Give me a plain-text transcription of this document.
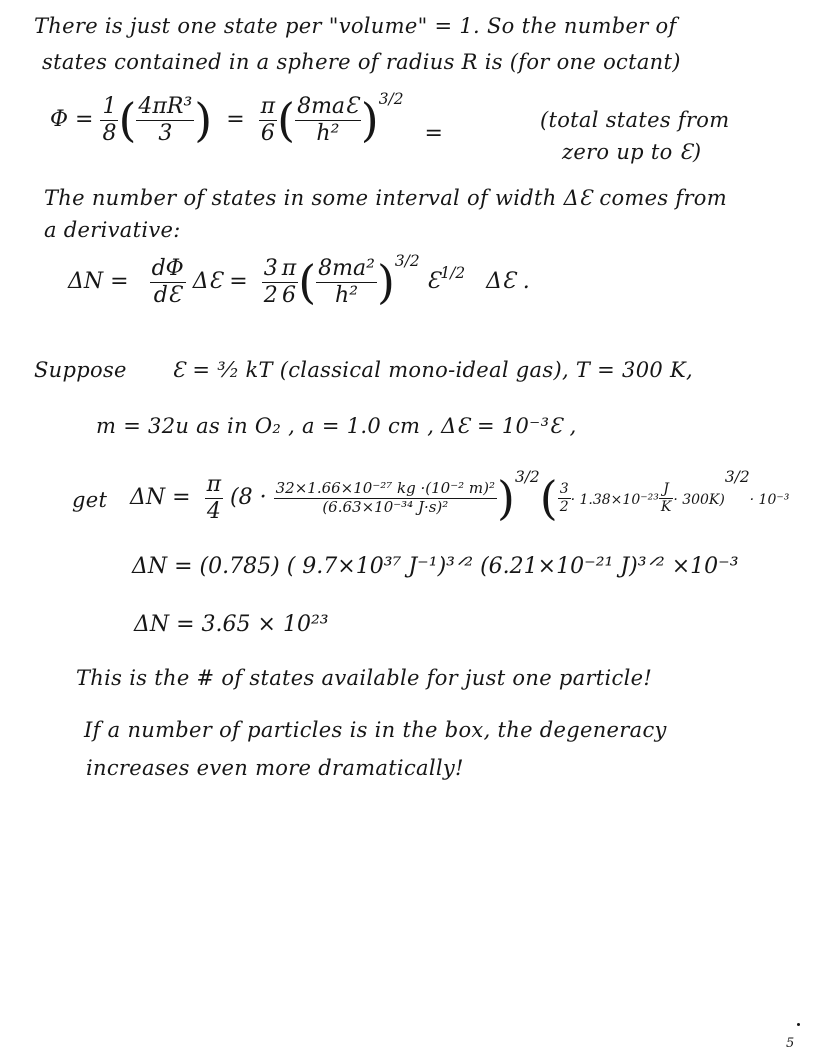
There is just one state per "volume" = 1. So the number of
states contained in a sphere of radius R is (for one octant)
$\Phi = \frac{1}{8}$ ( $\frac{\text{4πR³}}{3}$ ) = $\frac{\pi}{6}$ ( $\frac{\text{8maƐ}}{\text{h²}} )^{3/2}$   =
(total states from
zero up to Ɛ)
The number of states in some interval of width ΔƐ comes from
a derivative:
$\Delta N = \frac{d\Phi}{dƐ}$ ΔƐ = $\frac{3}{2} \frac{\pi}{6}$ ( $\frac{\text{8ma²}}{\text{h²}} )^{3/2}$ $Ɛ^{1/2}$ ΔƐ .
Suppose Ɛ = ³⁄₂ kT (classical mono-ideal gas), T = 300 K,
m = 32u as in O₂ , a = 1.0 cm , ΔƐ = 10⁻³Ɛ ,
get $\Delta N = \frac{\pi}{4} (8 \cdot \frac{\text{32×1.66×10⁻²⁷ kg ·(10⁻² m)²}}{\text{(6.63×10⁻³⁴ J·s)²}} )^{3/2}( \frac{3}{2} \cdot 1.38\times 10^{-23} \frac{J}{K} \cdot 300K)^{3/2}\cdot 10^{-3}$
ΔN = (0.785) ( 9.7×10³⁷ J⁻¹)³ᐟ² (6.21×10⁻²¹ J)³ᐟ² ×10⁻³
ΔN = 3.65 × 10²³
This is the # of states available for just one particle!
If a number of particles is in the box, the degeneracy
increases even more dramatically!
5
